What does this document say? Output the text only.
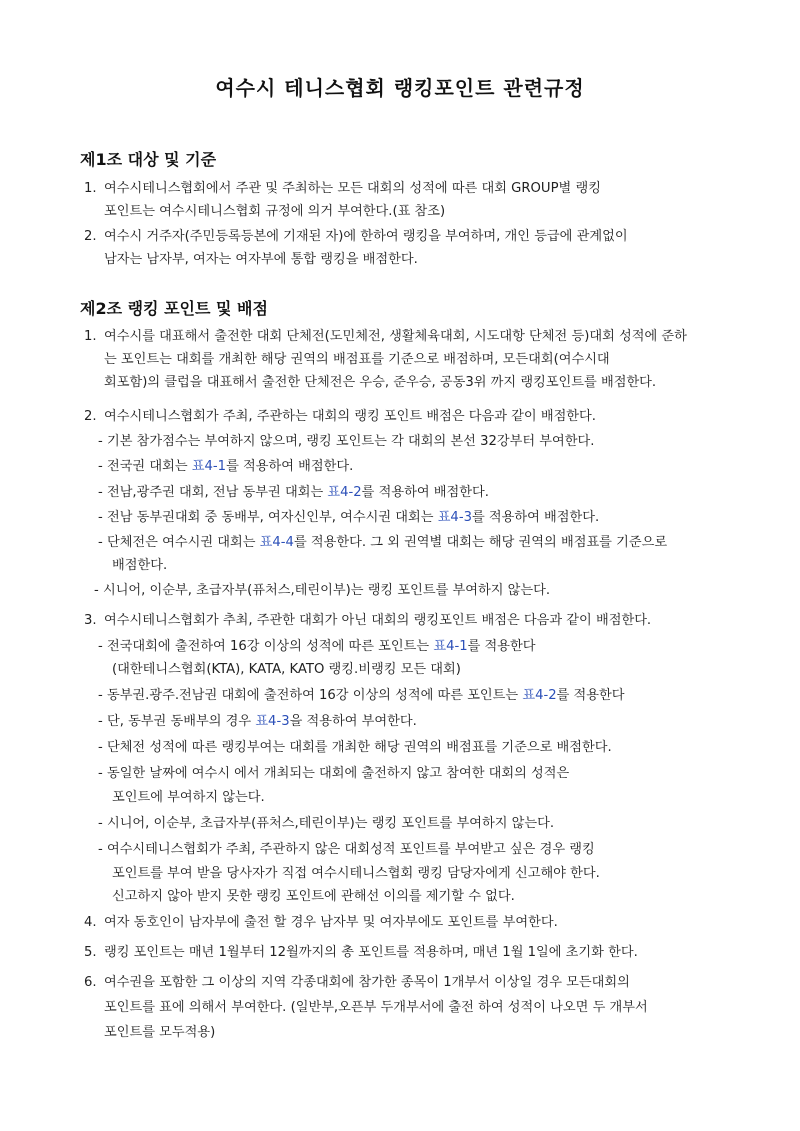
여수시 테니스협회 랭킹포인트 관련규정
제1조 대상 및 기준
1. 여수시테니스협회에서 주관 및 주최하는 모든 대회의 성적에 따른 대회 GROUP별 랭킹
포인트는 여수시테니스협회 규정에 의거 부여한다.(표 참조)
2. 여수시 거주자(주민등록등본에 기재된 자)에 한하여 랭킹을 부여하며, 개인 등급에 관계없이
남자는 남자부, 여자는 여자부에 통합 랭킹을 배점한다.
제2조 랭킹 포인트 및 배점
1. 여수시를 대표해서 출전한 대회 단체전(도민체전, 생활체육대회, 시도대항 단체전 등)대회 성적에 준하
는 포인트는 대회를 개최한 해당 권역의 배점표를 기준으로 배점하며, 모든대회(여수시대
회포함)의 클럽을 대표해서 출전한 단체전은 우승, 준우승, 공동3위 까지 랭킹포인트를 배점한다.
2. 여수시테니스협회가 주최, 주관하는 대회의 랭킹 포인트 배점은 다음과 같이 배점한다.
- 기본 참가점수는 부여하지 않으며, 랭킹 포인트는 각 대회의 본선 32강부터 부여한다.
- 전국권 대회는 표4-1를 적용하여 배점한다.
- 전남,광주권 대회, 전남 동부권 대회는 표4-2를 적용하여 배점한다.
- 전남 동부권대회 중 동배부, 여자신인부, 여수시권 대회는 표4-3를 적용하여 배점한다.
- 단체전은 여수시권 대회는 표4-4를 적용한다. 그 외 권역별 대회는 해당 권역의 배점표를 기준으로
배점한다.
- 시니어, 이순부, 초급자부(퓨처스,테린이부)는 랭킹 포인트를 부여하지 않는다.
3. 여수시테니스협회가 추최, 주관한 대회가 아닌 대회의 랭킹포인트 배점은 다음과 같이 배점한다.
- 전국대회에 출전하여 16강 이상의 성적에 따른 포인트는 표4-1를 적용한다
(대한테니스협회(KTA), KATA, KATO 랭킹.비랭킹 모든 대회)
- 동부권.광주.전남권 대회에 출전하여 16강 이상의 성적에 따른 포인트는 표4-2를 적용한다
- 단, 동부권 동배부의 경우 표4-3을 적용하여 부여한다.
- 단체전 성적에 따른 랭킹부여는 대회를 개최한 해당 권역의 배점표를 기준으로 배점한다.
- 동일한 날짜에 여수시 에서 개최되는 대회에 출전하지 않고 참여한 대회의 성적은
포인트에 부여하지 않는다.
- 시니어, 이순부, 초급자부(퓨처스,테린이부)는 랭킹 포인트를 부여하지 않는다.
- 여수시테니스협회가 주최, 주관하지 않은 대회성적 포인트를 부여받고 싶은 경우 랭킹
포인트를 부여 받을 당사자가 직접 여수시테니스협회 랭킹 담당자에게 신고해야 한다.
신고하지 않아 받지 못한 랭킹 포인트에 관해선 이의를 제기할 수 없다.
4. 여자 동호인이 남자부에 출전 할 경우 남자부 및 여자부에도 포인트를 부여한다.
5. 랭킹 포인트는 매년 1월부터 12월까지의 총 포인트를 적용하며, 매년 1월 1일에 초기화 한다.
6. 여수권을 포함한 그 이상의 지역 각종대회에 참가한 종목이 1개부서 이상일 경우 모든대회의
포인트를 표에 의해서 부여한다. (일반부,오픈부 두개부서에 출전 하여 성적이 나오면 두 개부서
포인트를 모두적용)
